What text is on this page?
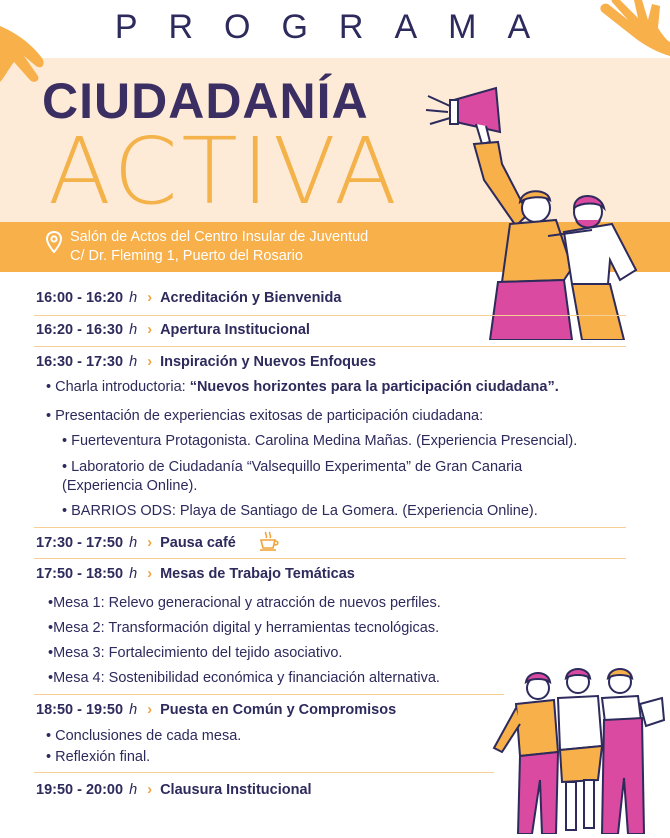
PROGRAMA
CIUDADANÍA
ACTIVA
Salón de Actos del Centro Insular de Juventud
C/ Dr. Fleming 1, Puerto del Rosario
16:00 - 16:20 h › Acreditación y Bienvenida
16:20 - 16:30 h › Apertura Institucional
16:30 - 17:30 h › Inspiración y Nuevos Enfoques
• Charla introductoria: “Nuevos horizontes para la participación ciudadana”.
• Presentación de experiencias exitosas de participación ciudadana:
• Fuerteventura Protagonista. Carolina Medina Mañas. (Experiencia Presencial).
• Laboratorio de Ciudadanía “Valsequillo Experimenta” de Gran Canaria
(Experiencia Online).
• BARRIOS ODS: Playa de Santiago de La Gomera. (Experiencia Online).
17:30 - 17:50 h › Pausa café
17:50 - 18:50 h › Mesas de Trabajo Temáticas
•Mesa 1: Relevo generacional y atracción de nuevos perfiles.
•Mesa 2: Transformación digital y herramientas tecnológicas.
•Mesa 3: Fortalecimiento del tejido asociativo.
•Mesa 4: Sostenibilidad económica y financiación alternativa.
18:50 - 19:50 h › Puesta en Común y Compromisos
• Conclusiones de cada mesa.
• Reflexión final.
19:50 - 20:00 h › Clausura Institucional
